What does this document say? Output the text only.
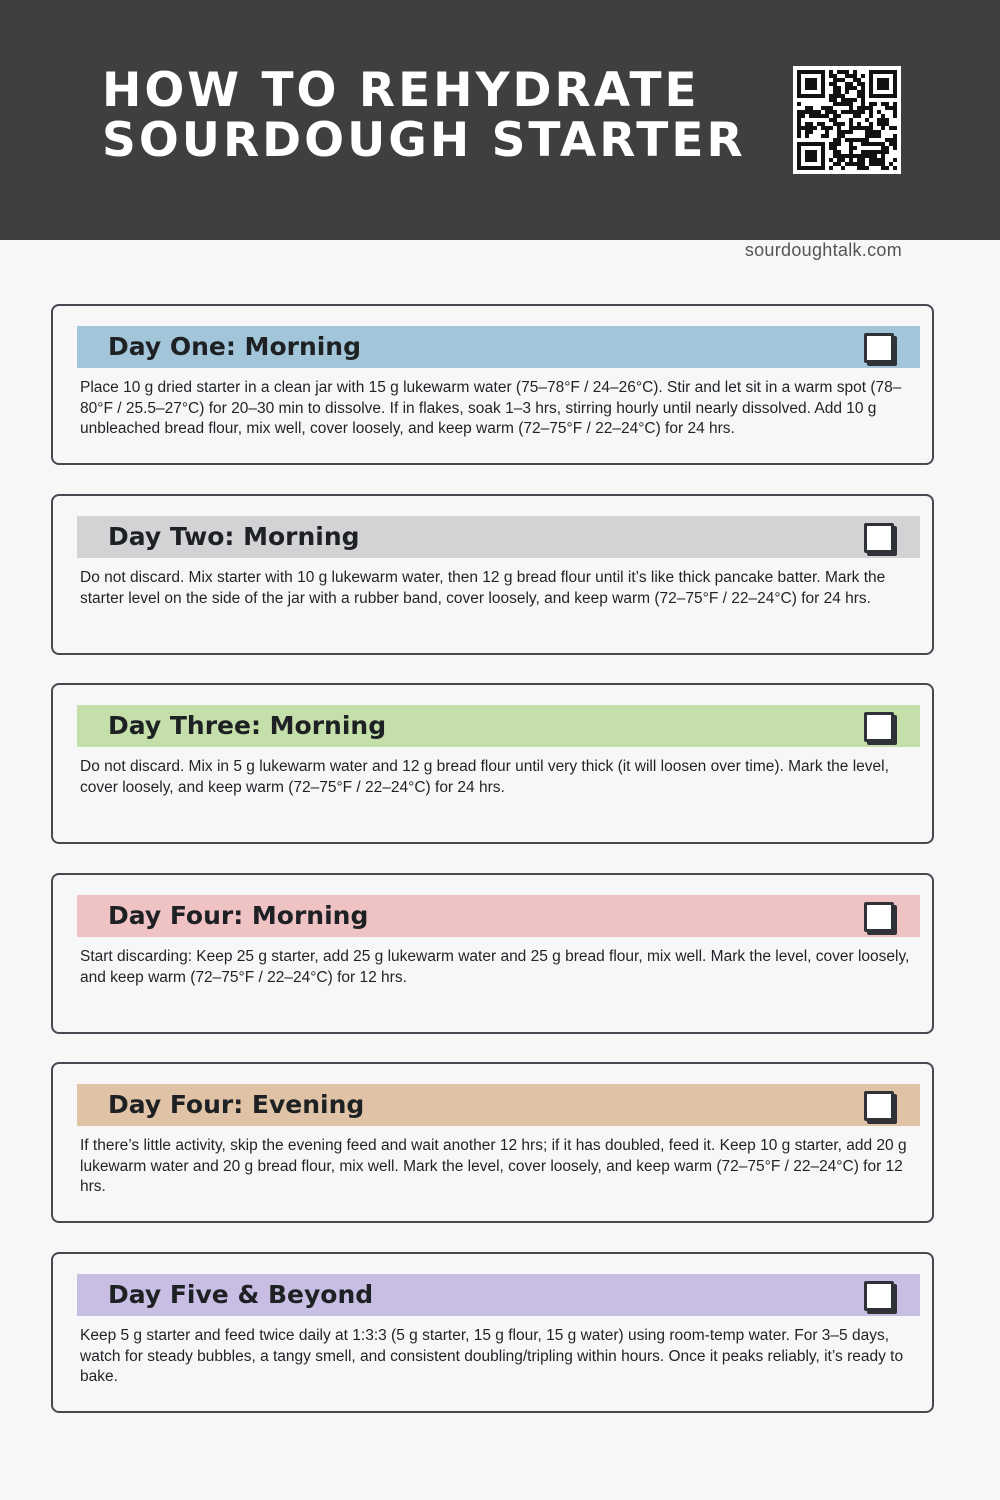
HOW TO REHYDRATE
SOURDOUGH STARTER
sourdoughtalk.com
Day One: Morning
Place 10 g dried starter in a clean jar with 15 g lukewarm water (75–78°F / 24–26°C). Stir and let sit in a warm spot (78–80°F / 25.5–27°C) for 20–30 min to dissolve. If in flakes, soak 1–3 hrs, stirring hourly until nearly dissolved. Add 10 g unbleached bread flour, mix well, cover loosely, and keep warm (72–75°F / 22–24°C) for 24 hrs.
Day Two: Morning
Do not discard. Mix starter with 10 g lukewarm water, then 12 g bread flour until it’s like thick pancake batter. Mark the starter level on the side of the jar with a rubber band, cover loosely, and keep warm (72–75°F / 22–24°C) for 24 hrs.
Day Three: Morning
Do not discard. Mix in 5 g lukewarm water and 12 g bread flour until very thick (it will loosen over time). Mark the level, cover loosely, and keep warm (72–75°F / 22–24°C) for 24 hrs.
Day Four: Morning
Start discarding: Keep 25 g starter, add 25 g lukewarm water and 25 g bread flour, mix well. Mark the level, cover loosely, and keep warm (72–75°F / 22–24°C) for 12 hrs.
Day Four: Evening
If there’s little activity, skip the evening feed and wait another 12 hrs; if it has doubled, feed it. Keep 10 g starter, add 20 g lukewarm water and 20 g bread flour, mix well. Mark the level, cover loosely, and keep warm (72–75°F / 22–24°C) for 12 hrs.
Day Five & Beyond
Keep 5 g starter and feed twice daily at 1:3:3 (5 g starter, 15 g flour, 15 g water) using room-temp water. For 3–5 days, watch for steady bubbles, a tangy smell, and consistent doubling/tripling within hours. Once it peaks reliably, it’s ready to bake.
